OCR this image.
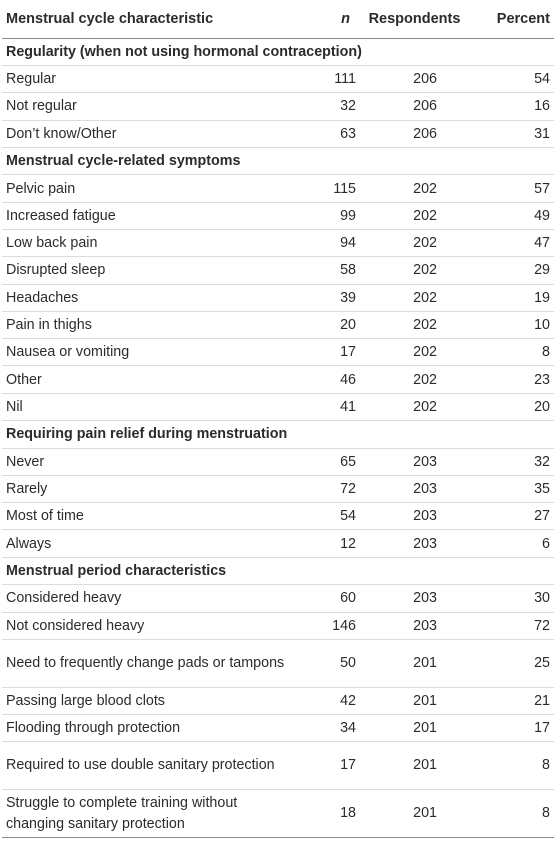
Menstrual cycle characteristic	n	Respondents	Percent
Regularity (when not using hormonal contraception)			
Regular	111	206	54
Not regular	32	206	16
Don’t know/Other	63	206	31
Menstrual cycle-related symptoms			
Pelvic pain	115	202	57
Increased fatigue	99	202	49
Low back pain	94	202	47
Disrupted sleep	58	202	29
Headaches	39	202	19
Pain in thighs	20	202	10
Nausea or vomiting	17	202	8
Other	46	202	23
Nil	41	202	20
Requiring pain relief during menstruation			
Never	65	203	32
Rarely	72	203	35
Most of time	54	203	27
Always	12	203	6
Menstrual period characteristics			
Considered heavy	60	203	30
Not considered heavy	146	203	72
Need to frequently change pads or tampons	50	201	25
Passing large blood clots	42	201	21
Flooding through protection	34	201	17
Required to use double sanitary protection	17	201	8
Struggle to complete training without changing sanitary protection	18	201	8
